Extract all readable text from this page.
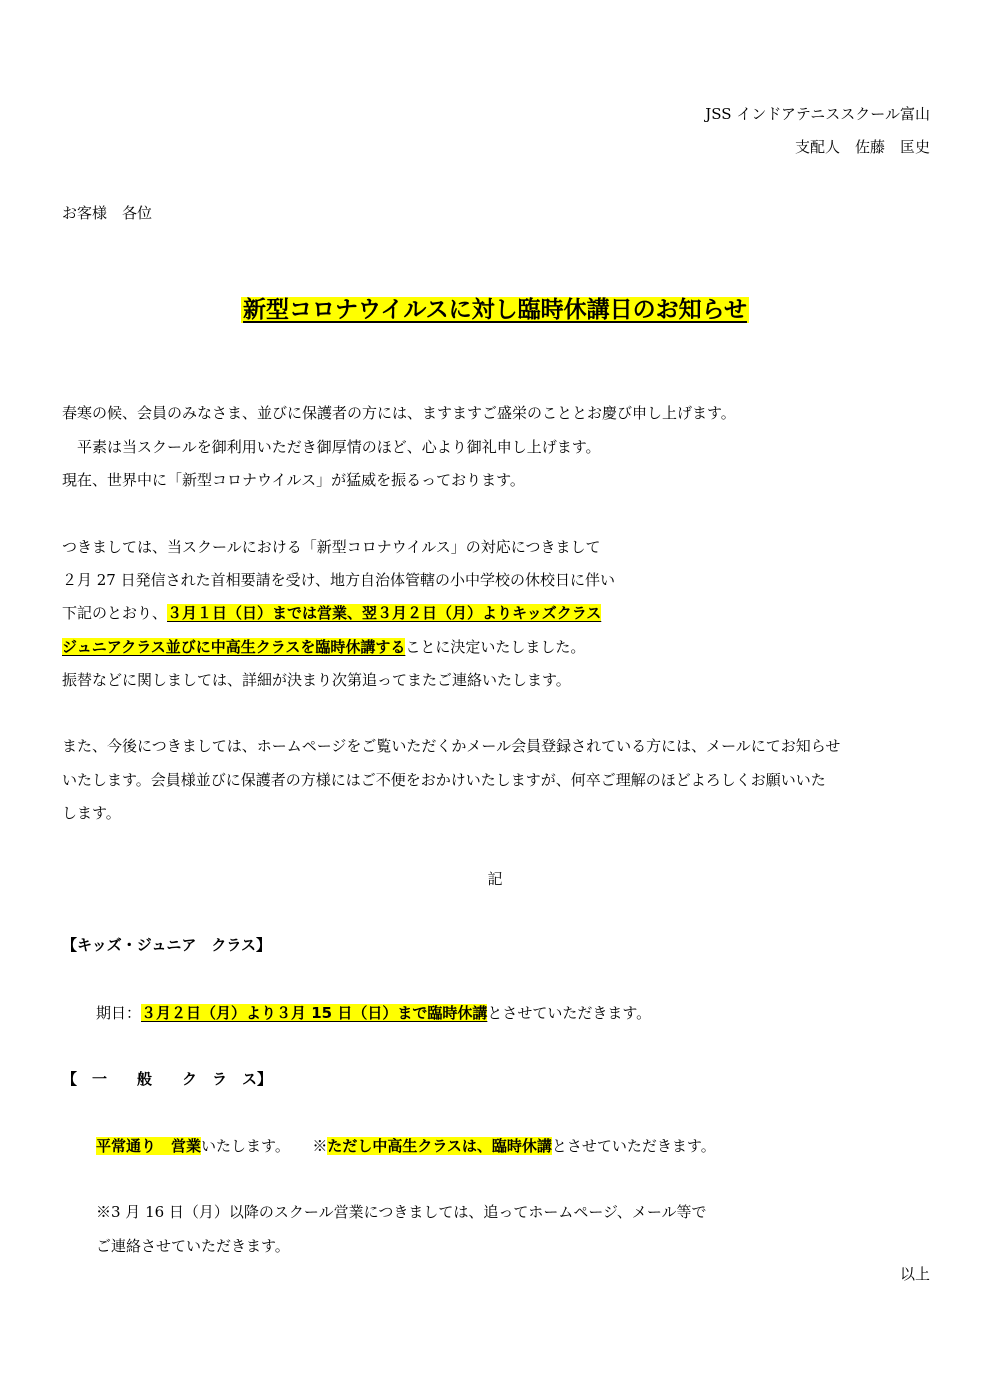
JSS インドアテニススクール富山
支配人　佐藤　匡史
お客様　各位
新型コロナウイルスに対し臨時休講日のお知らせ
春寒の候、会員のみなさま、並びに保護者の方には、ますますご盛栄のこととお慶び申し上げます。
　平素は当スクールを御利用いただき御厚情のほど、心より御礼申し上げます。
現在、世界中に「新型コロナウイルス」が猛威を振るっております。
つきましては、当スクールにおける「新型コロナウイルス」の対応につきまして
２月 27 日発信された首相要請を受け、地方自治体管轄の小中学校の休校日に伴い
下記のとおり、３月１日（日）までは営業、翌３月２日（月）よりキッズクラス
ジュニアクラス並びに中高生クラスを臨時休講することに決定いたしました。
振替などに関しましては、詳細が決まり次第追ってまたご連絡いたします。
また、今後につきましては、ホームページをご覧いただくかメール会員登録されている方には、メールにてお知らせ
いたします。会員様並びに保護者の方様にはご不便をおかけいたしますが、何卒ご理解のほどよろしくお願いいた
します。
記
【キッズ・ジュニア　クラス】
期日：３月２日（月）より３月 15 日（日）まで臨時休講とさせていただきます。
【　一　　般　　ク　ラ　ス】
平常通り　営業いたします。　　※ただし中高生クラスは、臨時休講とさせていただきます。
※3 月 16 日（月）以降のスクール営業につきましては、追ってホームページ、メール等で
ご連絡させていただきます。
以上
